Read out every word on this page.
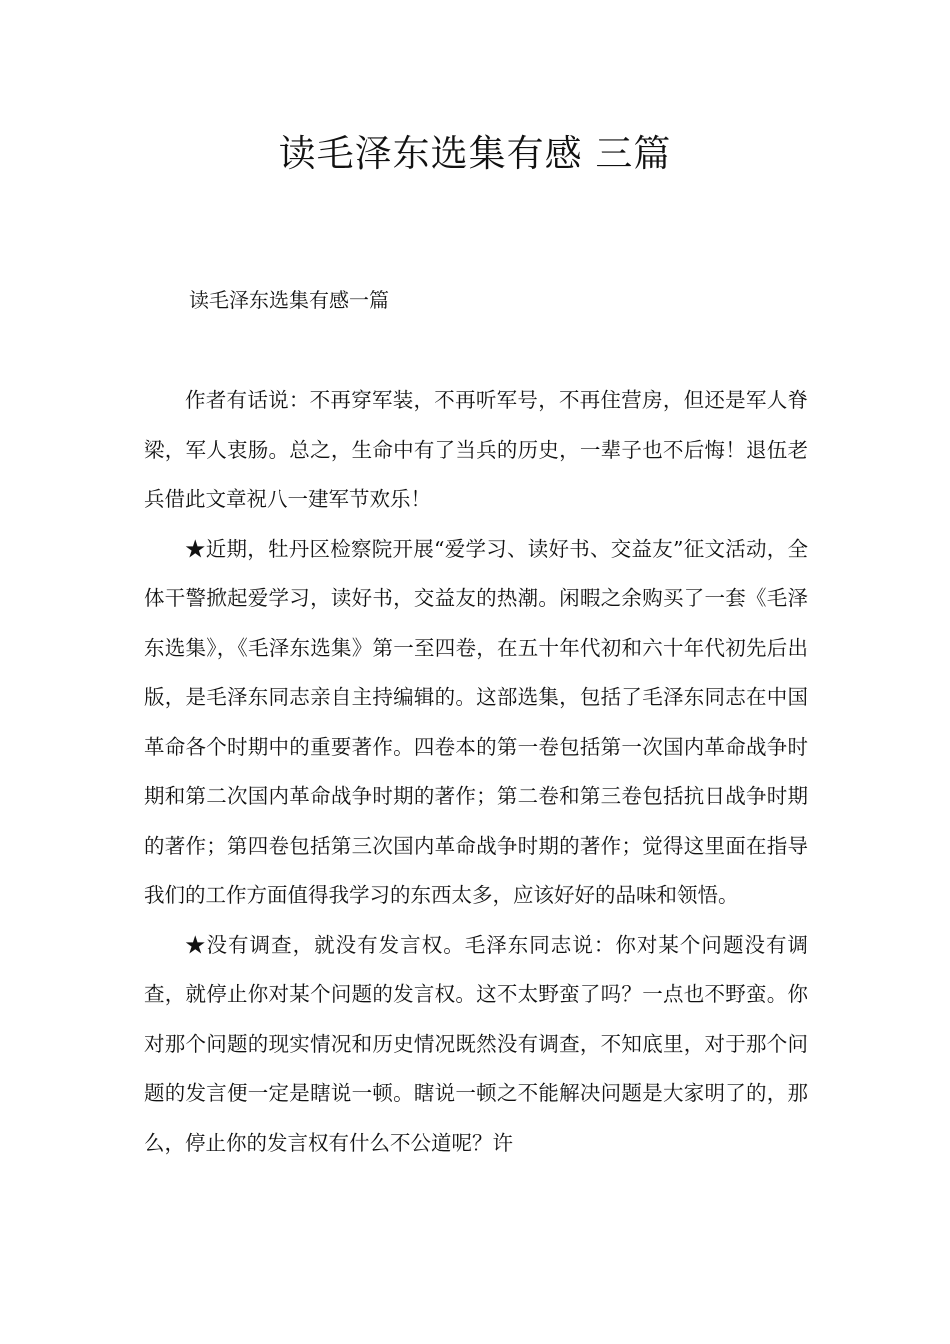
读毛泽东选集有感 三篇
读毛泽东选集有感一篇

作者有话说：不再穿军装，不再听军号，不再住营房，但还是军人脊梁，军人衷肠。总之，生命中有了当兵的历史，一辈子也不后悔！退伍老兵借此文章祝八一建军节欢乐！

★近期，牡丹区检察院开展“爱学习、读好书、交益友”征文活动，全体干警掀起爱学习，读好书，交益友的热潮。闲暇之余购买了一套《毛泽东选集》，《毛泽东选集》第一至四卷，在五十年代初和六十年代初先后出版，是毛泽东同志亲自主持编辑的。这部选集，包括了毛泽东同志在中国革命各个时期中的重要著作。四卷本的第一卷包括第一次国内革命战争时期和第二次国内革命战争时期的著作；第二卷和第三卷包括抗日战争时期的著作；第四卷包括第三次国内革命战争时期的著作；觉得这里面在指导我们的工作方面值得我学习的东西太多，应该好好的品味和领悟。

★没有调查，就没有发言权。毛泽东同志说：你对某个问题没有调查，就停止你对某个问题的发言权。这不太野蛮了吗？一点也不野蛮。你对那个问题的现实情况和历史情况既然没有调查，不知底里，对于那个问题的发言便一定是瞎说一顿。瞎说一顿之不能解决问题是大家明了的，那么，停止你的发言权有什么不公道呢？许
